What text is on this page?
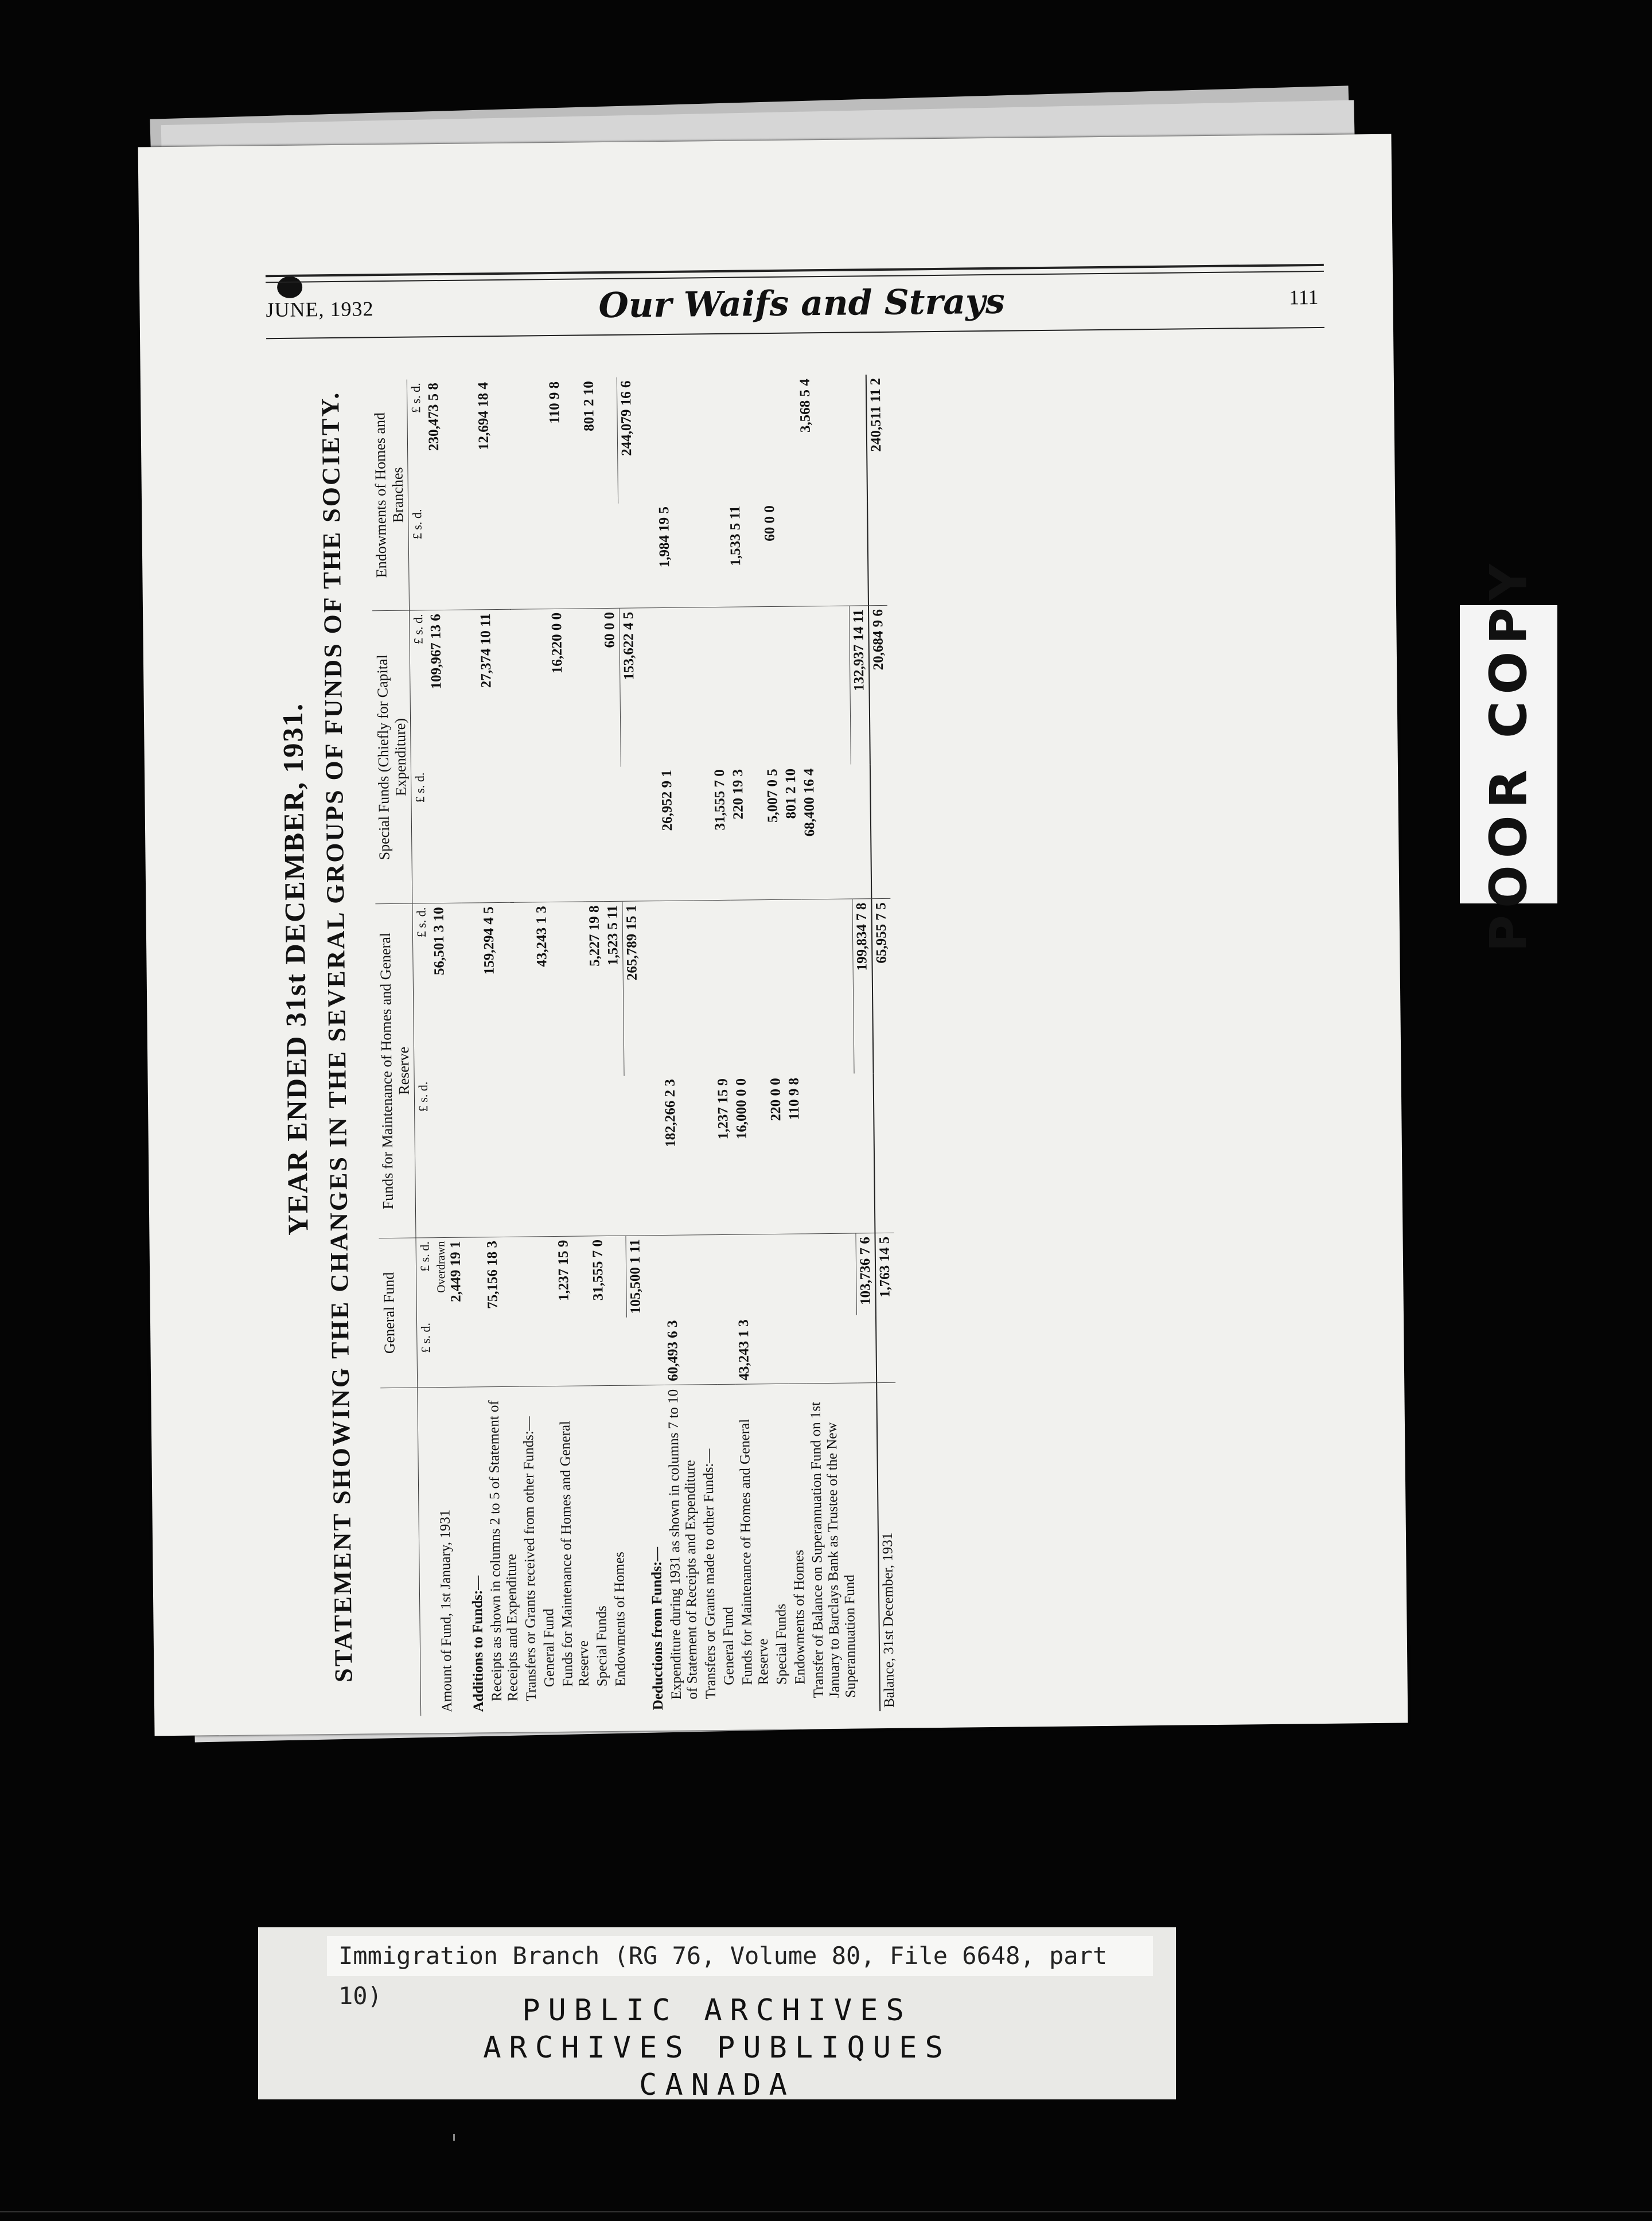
JUNE, 1932	Our Waifs and Strays	111
YEAR ENDED 31st DECEMBER, 1931. STATEMENT SHOWING THE CHANGES IN THE SEVERAL GROUPS OF FUNDS OF THE SOCIETY.
	General Fund		Funds for Maintenance of Homes and General Reserve		Special Funds (Chiefly for Capital Expenditure)		Endowments of Homes and Branches	
	£ s. d.	£ s. d.	£ s. d.	£ s. d.	£ s. d.	£ s. d.	£ s. d.	£ s. d.
Amount of Fund, 1st January, 1931		Overdrawn 2,449 19 1		56,501 3 10		109,967 13 6		230,473 5 8
Additions to Funds:—								
Receipts as shown in columns 2 to 5 of Statement of Receipts and Expenditure		75,156 18 3		159,294 4 5		27,374 10 11		12,694 18 4
Transfers or Grants received from other Funds:—								
General Fund				43,243 1 3				
Funds for Maintenance of Homes and General Reserve		1,237 15 9				16,220 0 0		110 9 8
Special Funds		31,555 7 0		5,227 19 8				801 2 10
Endowments of Homes				1,523 5 11		60 0 0		
		105,500 1 11		265,789 15 1		153,622 4 5		244,079 16 6
Deductions from Funds:—								
Expenditure during 1931 as shown in columns 7 to 10 of Statement of Receipts and Expenditure	60,493 6 3		182,266 2 3		26,952 9 1		1,984 19 5	
Transfers or Grants made to other Funds:—								
General Fund			1,237 15 9		31,555 7 0			
Funds for Maintenance of Homes and General Reserve	43,243 1 3		16,000 0 0		220 19 3		1,533 5 11	
Special Funds			220 0 0		5,007 0 5		60 0 0	
Endowments of Homes			110 9 8		801 2 10			
Transfer of Balance on Superannuation Fund on 1st January to Barclays Bank as Trustee of the New Superannuation Fund					68,400 16 4			3,568 5 4
		103,736 7 6		199,834 7 8		132,937 14 11		
Balance, 31st December, 1931		1,763 14 5		65,955 7 5		20,684 9 6		240,511 11 2
POOR COPY
Immigration Branch (RG 76, Volume 80, File 6648, part 10)	PUBLIC ARCHIVES
ARCHIVES PUBLIQUES
CANADA
